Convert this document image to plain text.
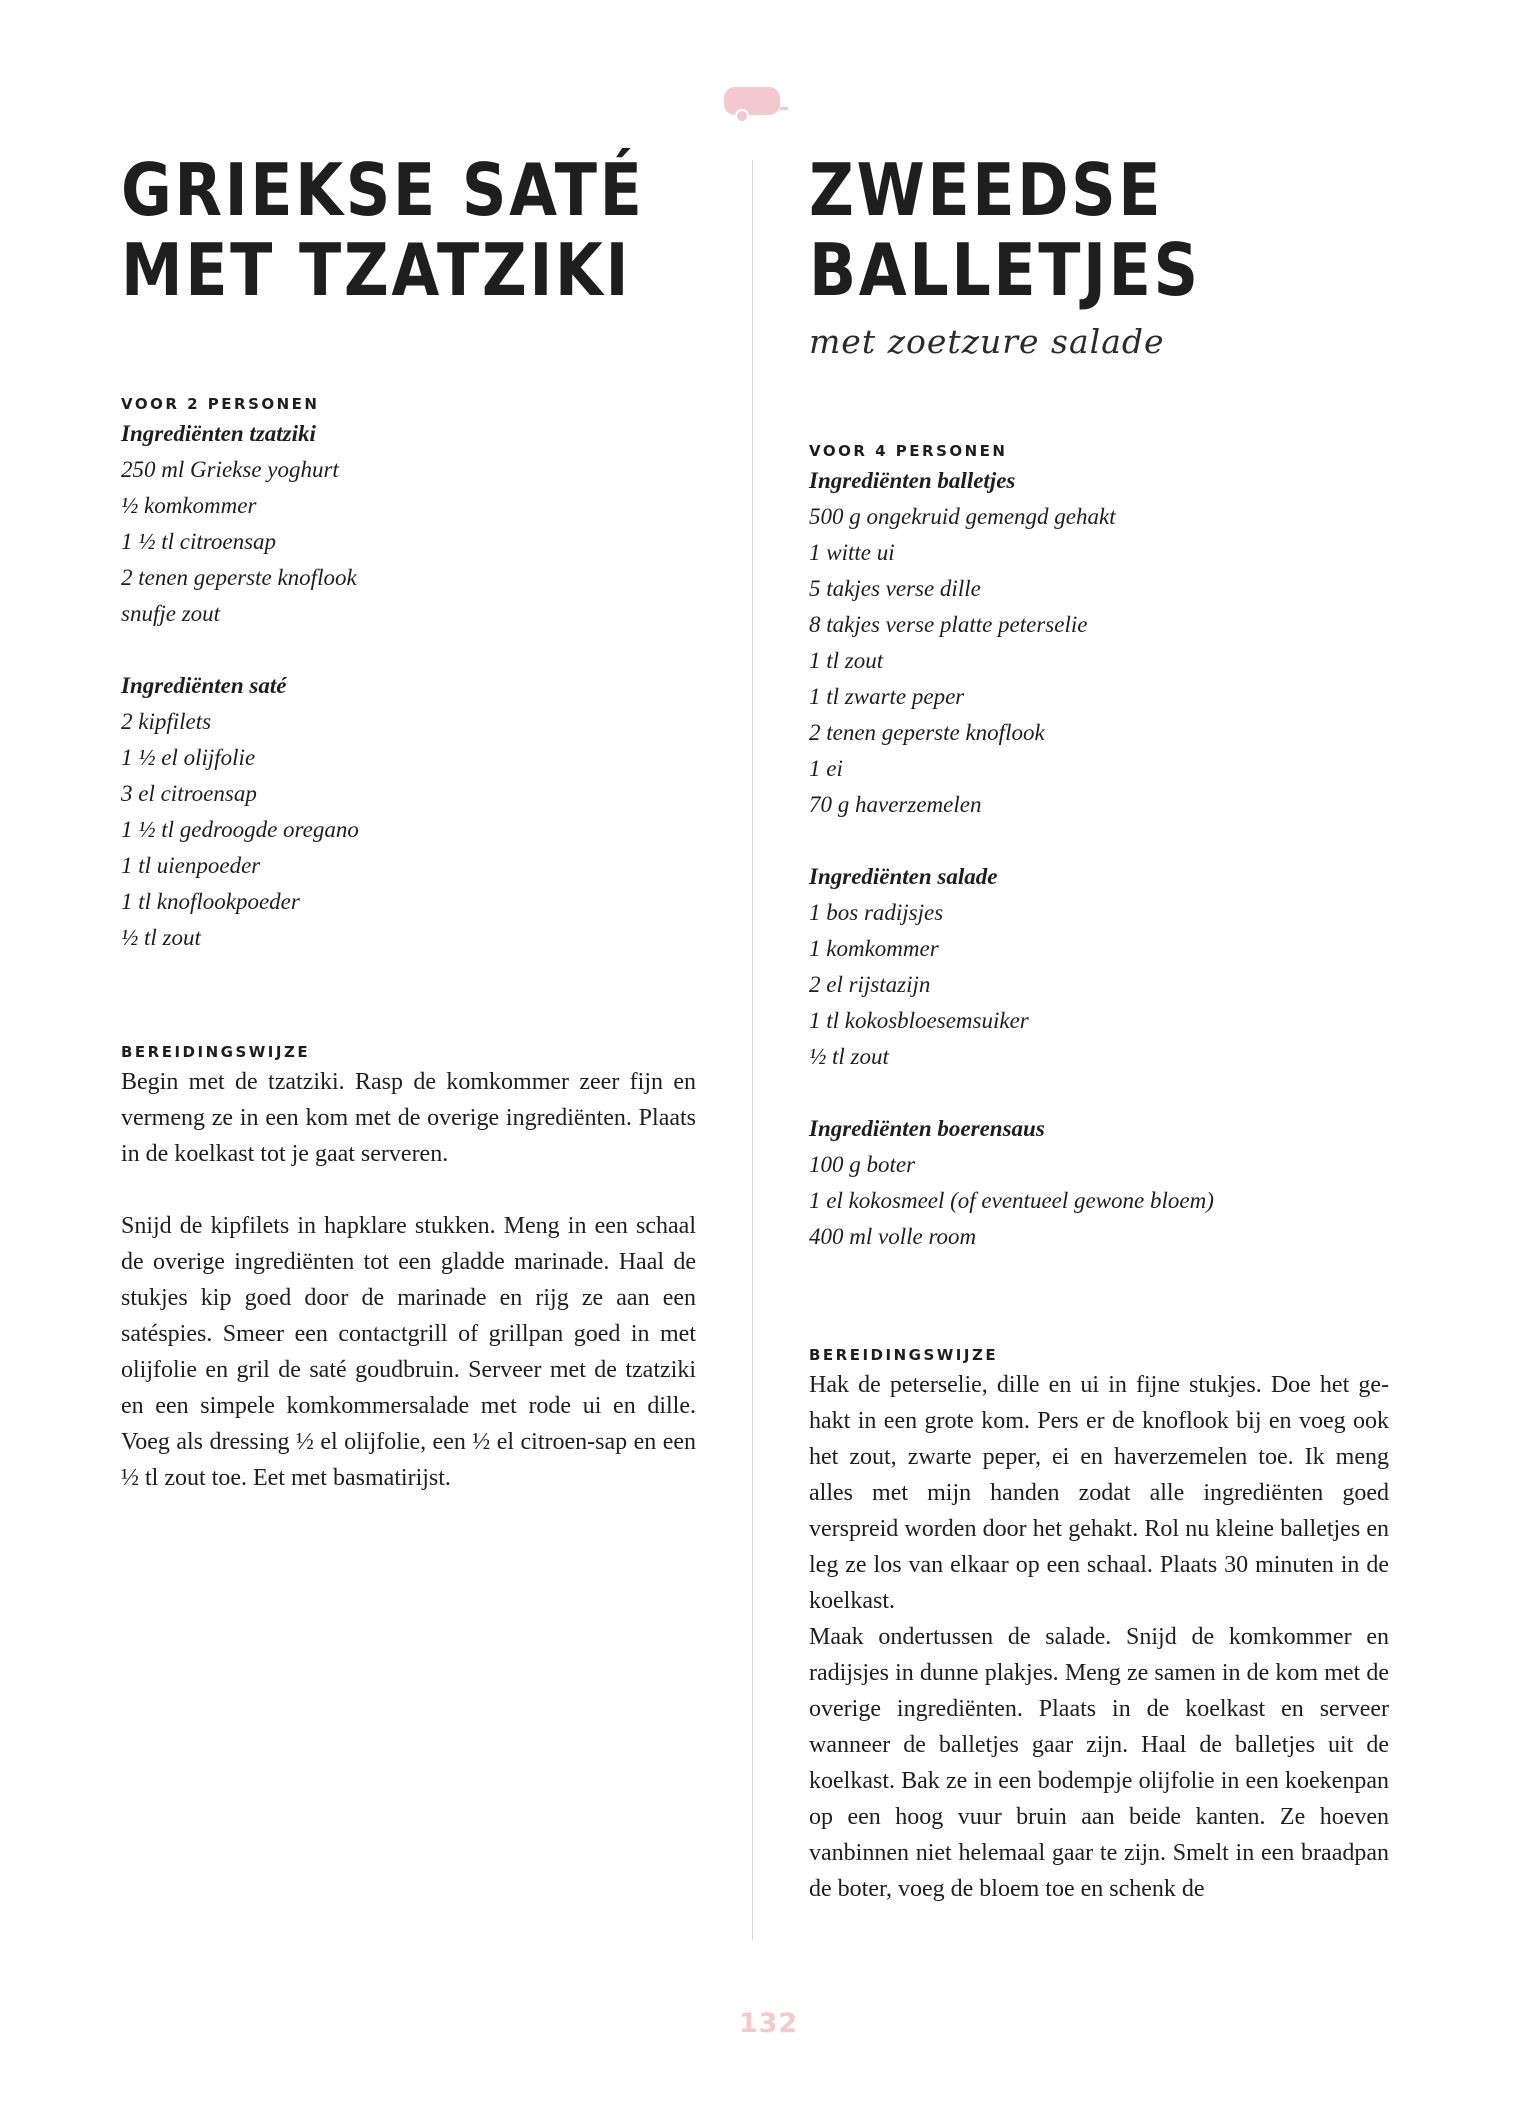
GRIEKSE SATÉ
MET TZATZIKI
VOOR 2 PERSONEN
Ingrediënten tzatziki
250 ml Griekse yoghurt
½ komkommer
1 ½ tl citroensap
2 tenen geperste knoflook
snufje zout
Ingrediënten saté
2 kipfilets
1 ½ el olijfolie
3 el citroensap
1 ½ tl gedroogde oregano
1 tl uienpoeder
1 tl knoflookpoeder
½ tl zout
BEREIDINGSWIJZE

Begin met de tzatziki. Rasp de komkommer zeer fijn en vermeng ze in een kom met de overige ingrediënten. Plaats in de koelkast tot je gaat serveren.

Snijd de kipfilets in hapklare stukken. Meng in een schaal de overige ingrediënten tot een gladde marinade. Haal de stukjes kip goed door de marinade en rijg ze aan een satéspies. Smeer een contactgrill of grillpan goed in met olijfolie en gril de saté goudbruin. Serveer met de tzatziki en een simpele komkommersalade met rode ui en dille. Voeg als dressing ½ el olijfolie, een ½ el citroen-sap en een ½ tl zout toe. Eet met basmatirijst.

ZWEEDSE
BALLETJES
met zoetzure salade
VOOR 4 PERSONEN
Ingrediënten balletjes
500 g ongekruid gemengd gehakt
1 witte ui
5 takjes verse dille
8 takjes verse platte peterselie
1 tl zout
1 tl zwarte peper
2 tenen geperste knoflook
1 ei
70 g haverzemelen
Ingrediënten salade
1 bos radijsjes
1 komkommer
2 el rijstazijn
1 tl kokosbloesemsuiker
½ tl zout
Ingrediënten boerensaus
100 g boter
1 el kokosmeel (of eventueel gewone bloem)
400 ml volle room
BEREIDINGSWIJZE

Hak de peterselie, dille en ui in fijne stukjes. Doe het ge-hakt in een grote kom. Pers er de knoflook bij en voeg ook het zout, zwarte peper, ei en haverzemelen toe. Ik meng alles met mijn handen zodat alle ingrediënten goed verspreid worden door het gehakt. Rol nu kleine balletjes en leg ze los van elkaar op een schaal. Plaats 30 minuten in de koelkast.

Maak ondertussen de salade. Snijd de komkommer en radijsjes in dunne plakjes. Meng ze samen in de kom met de overige ingrediënten. Plaats in de koelkast en serveer wanneer de balletjes gaar zijn. Haal de balletjes uit de koelkast. Bak ze in een bodempje olijfolie in een koekenpan op een hoog vuur bruin aan beide kanten. Ze hoeven vanbinnen niet helemaal gaar te zijn. Smelt in een braadpan de boter, voeg de bloem toe en schenk de

132
